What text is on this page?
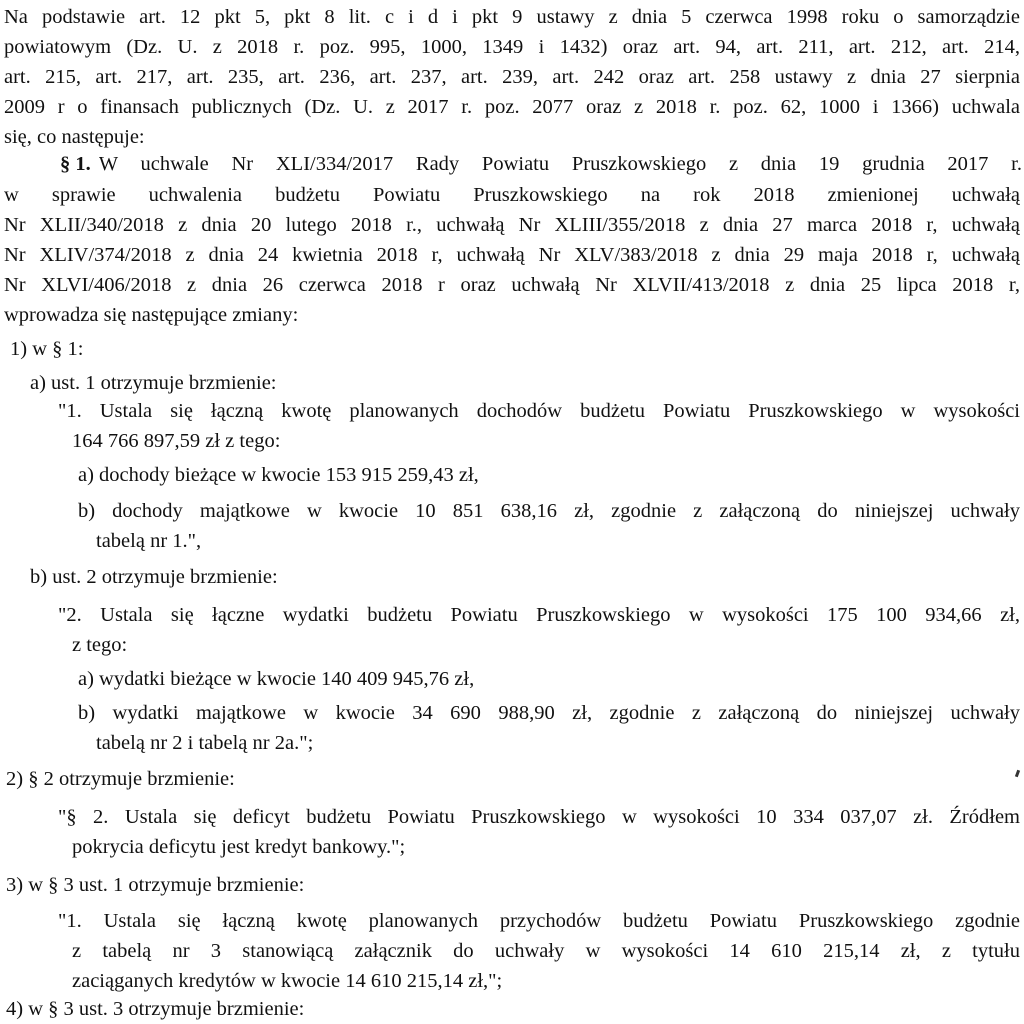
Na podstawie art. 12 pkt 5, pkt 8 lit. c i d i pkt 9 ustawy z dnia 5 czerwca 1998 roku o samorządzie
powiatowym (Dz. U. z 2018 r. poz. 995, 1000, 1349 i 1432) oraz art. 94, art. 211, art. 212, art. 214,
art. 215, art. 217, art. 235, art. 236, art. 237, art. 239, art. 242 oraz art. 258 ustawy z dnia 27 sierpnia
2009 r o finansach publicznych (Dz. U. z 2017 r. poz. 2077 oraz z 2018 r. poz. 62, 1000 i 1366) uchwala
się, co następuje:
§ 1. W uchwale Nr XLI/334/2017 Rady Powiatu Pruszkowskiego z dnia 19 grudnia 2017 r.
w sprawie uchwalenia budżetu Powiatu Pruszkowskiego na rok 2018 zmienionej uchwałą
Nr XLII/340/2018 z dnia 20 lutego 2018 r., uchwałą Nr XLIII/355/2018 z dnia 27 marca 2018 r, uchwałą
Nr XLIV/374/2018 z dnia 24 kwietnia 2018 r, uchwałą Nr XLV/383/2018 z dnia 29 maja 2018 r, uchwałą
Nr XLVI/406/2018 z dnia 26 czerwca 2018 r oraz uchwałą Nr XLVII/413/2018 z dnia 25 lipca 2018 r,
wprowadza się następujące zmiany:
1) w § 1:
a) ust. 1 otrzymuje brzmienie:
"1. Ustala się łączną kwotę planowanych dochodów budżetu Powiatu Pruszkowskiego w wysokości
164 766 897,59 zł z tego:
a) dochody bieżące w kwocie 153 915 259,43 zł,
b) dochody majątkowe w kwocie 10 851 638,16 zł, zgodnie z załączoną do niniejszej uchwały
tabelą nr 1.",
b) ust. 2 otrzymuje brzmienie:
"2. Ustala się łączne wydatki budżetu Powiatu Pruszkowskiego w wysokości 175 100 934,66 zł,
z tego:
a) wydatki bieżące w kwocie 140 409 945,76 zł,
b) wydatki majątkowe w kwocie 34 690 988,90 zł, zgodnie z załączoną do niniejszej uchwały
tabelą nr 2 i tabelą nr 2a.";
2) § 2 otrzymuje brzmienie:
"§ 2. Ustala się deficyt budżetu Powiatu Pruszkowskiego w wysokości 10 334 037,07 zł. Źródłem
pokrycia deficytu jest kredyt bankowy.";
3) w § 3 ust. 1 otrzymuje brzmienie:
"1. Ustala się łączną kwotę planowanych przychodów budżetu Powiatu Pruszkowskiego zgodnie
z tabelą nr 3 stanowiącą załącznik do uchwały w wysokości 14 610 215,14 zł, z tytułu
zaciąganych kredytów w kwocie 14 610 215,14 zł,";
4) w § 3 ust. 3 otrzymuje brzmienie:
